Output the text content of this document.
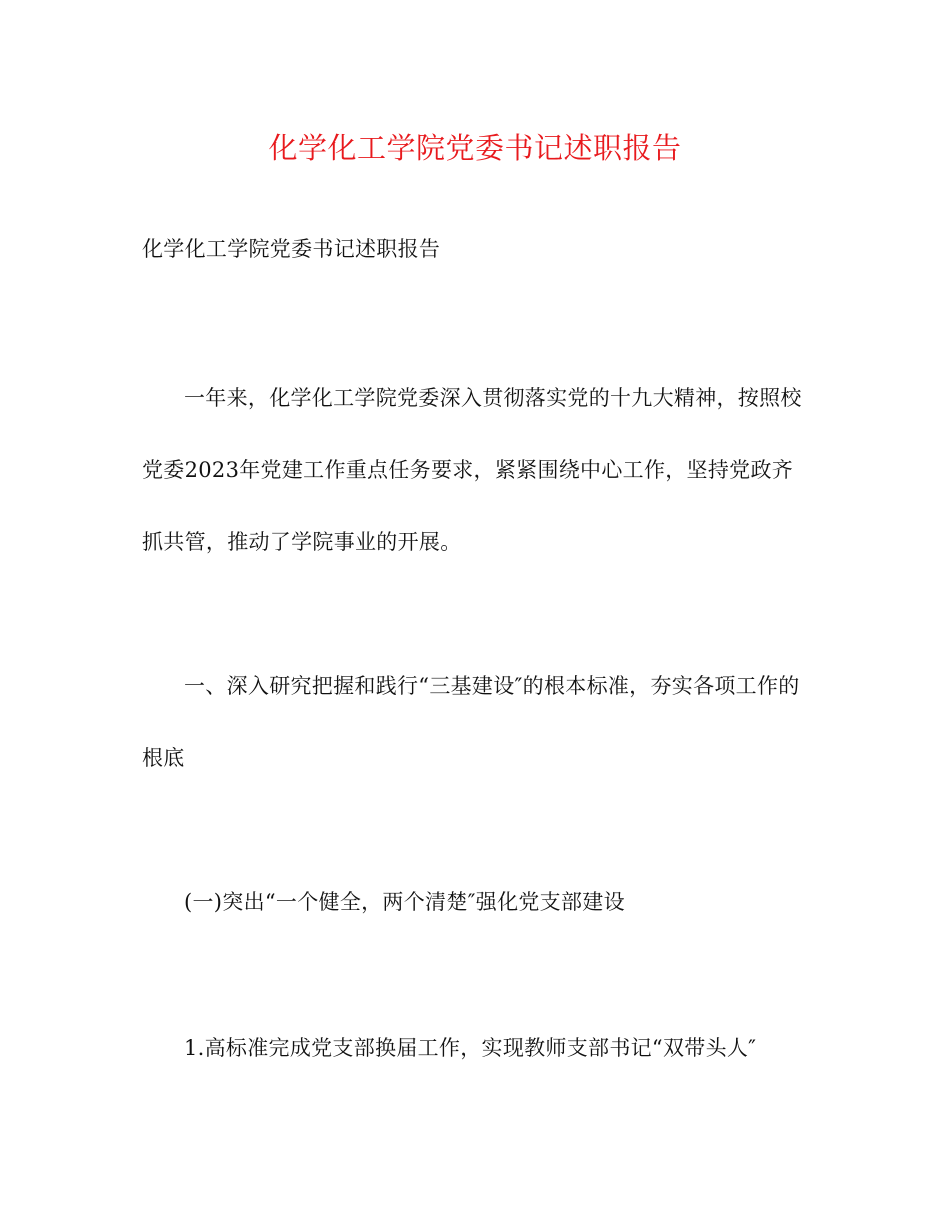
化学化工学院党委书记述职报告

化学化工学院党委书记述职报告

一年来，化学化工学院党委深入贯彻落实党的十九大精神，按照校党委2023年党建工作重点任务要求，紧紧围绕中心工作，坚持党政齐抓共管，推动了学院事业的开展。

一、深入研究把握和践行“三基建设″的根本标准，夯实各项工作的根底

(一)突出“一个健全，两个清楚″强化党支部建设

1.高标准完成党支部换届工作，实现教师支部书记“双带头人″
